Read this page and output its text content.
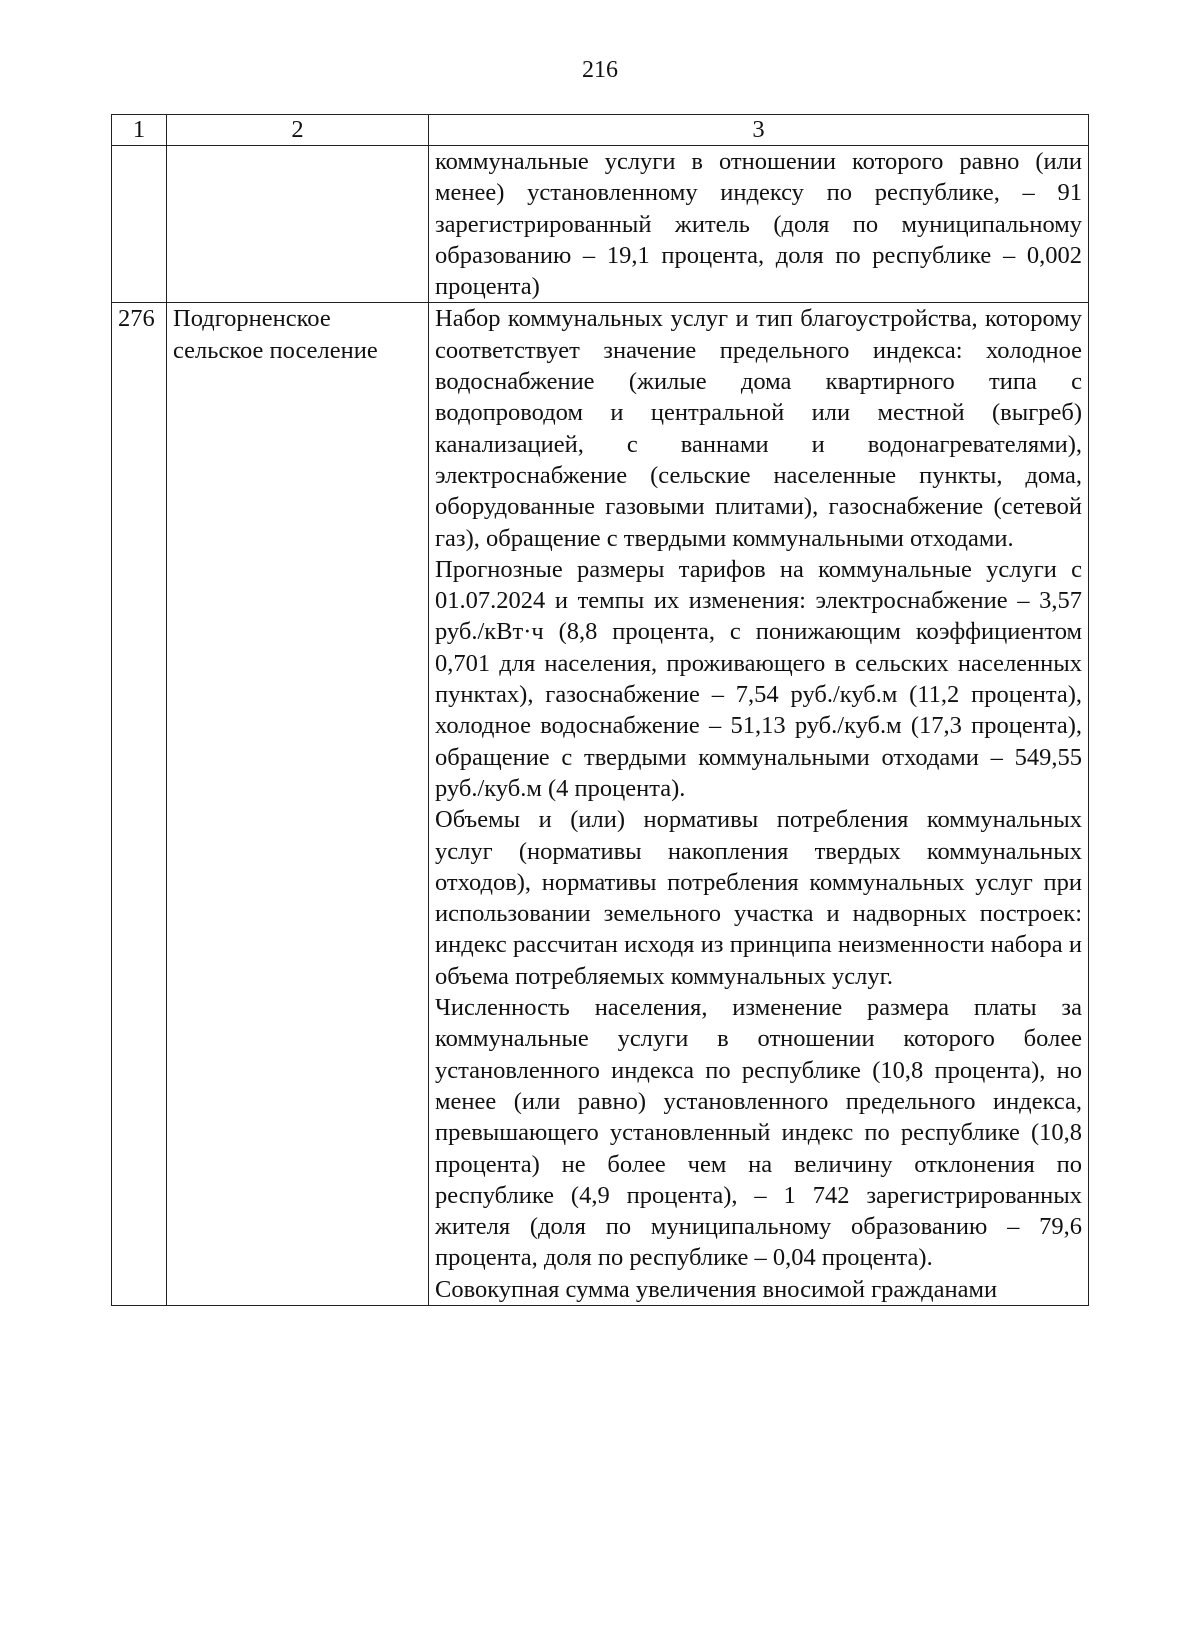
216
1	2	3

		коммунальные услуги в отношении которого равно (или менее) установленному индексу по республике, – 91 зарегистрированный житель (доля по муниципальному образованию – 19,1 процента, доля по республике – 0,002 процента)

276	Подгорненское сельское поселение	Набор коммунальных услуг и тип благоустройства, которому соответствует значение предельного индекса: холодное водоснабжение (жилые дома квартирного типа с водопроводом и центральной или местной (выгреб) канализацией, с ваннами и водонагревателями), электроснабжение (сельские населенные пункты, дома, оборудованные газовыми плитами), газоснабжение (сетевой газ), обращение с твердыми коммунальными отходами.

Прогнозные размеры тарифов на коммунальные услуги с 01.07.2024 и темпы их изменения: электроснабжение – 3,57 руб./кВт·ч (8,8 процента, с понижающим коэффициентом 0,701 для населения, проживающего в сельских населенных пунктах), газоснабжение – 7,54 руб./куб.м (11,2 процента), холодное водоснабжение – 51,13 руб./куб.м (17,3 процента), обращение с твердыми коммунальными отходами – 549,55 руб./куб.м (4 процента).

Объемы и (или) нормативы потребления коммунальных услуг (нормативы накопления твердых коммунальных отходов), нормативы потребления коммунальных услуг при использовании земельного участка и надворных построек: индекс рассчитан исходя из принципа неизменности набора и объема потребляемых коммунальных услуг.

Численность населения, изменение размера платы за коммунальные услуги в отношении которого более установленного индекса по республике (10,8 процента), но менее (или равно) установленного предельного индекса, превышающего установленный индекс по республике (10,8 процента) не более чем на величину отклонения по республике (4,9 процента), – 1 742 зарегистрированных жителя (доля по муниципальному образованию – 79,6 процента, доля по республике – 0,04 процента).

Совокупная сумма увеличения вносимой гражданами
